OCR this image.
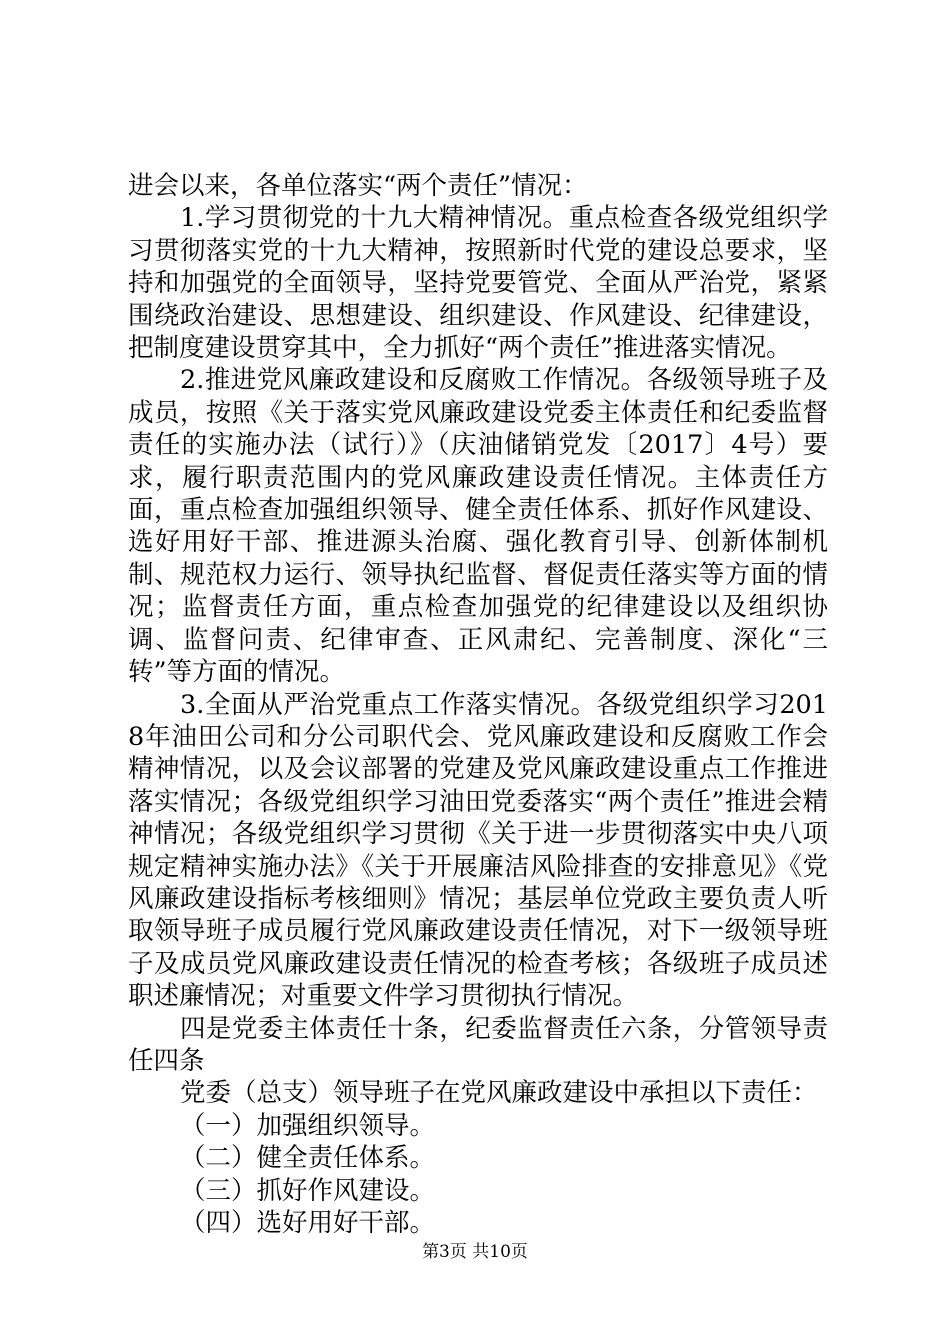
进会以来，各单位落实“两个责任”情况：

1.学习贯彻党的十九大精神情况。重点检查各级党组织学习贯彻落实党的十九大精神，按照新时代党的建设总要求，坚持和加强党的全面领导，坚持党要管党、全面从严治党，紧紧围绕政治建设、思想建设、组织建设、作风建设、纪律建设，把制度建设贯穿其中，全力抓好“两个责任”推进落实情况。

2.推进党风廉政建设和反腐败工作情况。各级领导班子及成员，按照《关于落实党风廉政建设党委主体责任和纪委监督责任的实施办法（试行）》（庆油储销党发〔2017〕4号）要求，履行职责范围内的党风廉政建设责任情况。主体责任方面，重点检查加强组织领导、健全责任体系、抓好作风建设、选好用好干部、推进源头治腐、强化教育引导、创新体制机制、规范权力运行、领导执纪监督、督促责任落实等方面的情况；监督责任方面，重点检查加强党的纪律建设以及组织协调、监督问责、纪律审查、正风肃纪、完善制度、深化“三转”等方面的情况。

3.全面从严治党重点工作落实情况。各级党组织学习2018年油田公司和分公司职代会、党风廉政建设和反腐败工作会精神情况，以及会议部署的党建及党风廉政建设重点工作推进落实情况；各级党组织学习油田党委落实“两个责任”推进会精神情况；各级党组织学习贯彻《关于进一步贯彻落实中央八项规定精神实施办法》《关于开展廉洁风险排查的安排意见》《党风廉政建设指标考核细则》情况；基层单位党政主要负责人听取领导班子成员履行党风廉政建设责任情况，对下一级领导班子及成员党风廉政建设责任情况的检查考核；各级班子成员述职述廉情况；对重要文件学习贯彻执行情况。

四是党委主体责任十条，纪委监督责任六条，分管领导责任四条

党委（总支）领导班子在党风廉政建设中承担以下责任：

（一）加强组织领导。

（二）健全责任体系。

（三）抓好作风建设。

（四）选好用好干部。

第3页 共10页
